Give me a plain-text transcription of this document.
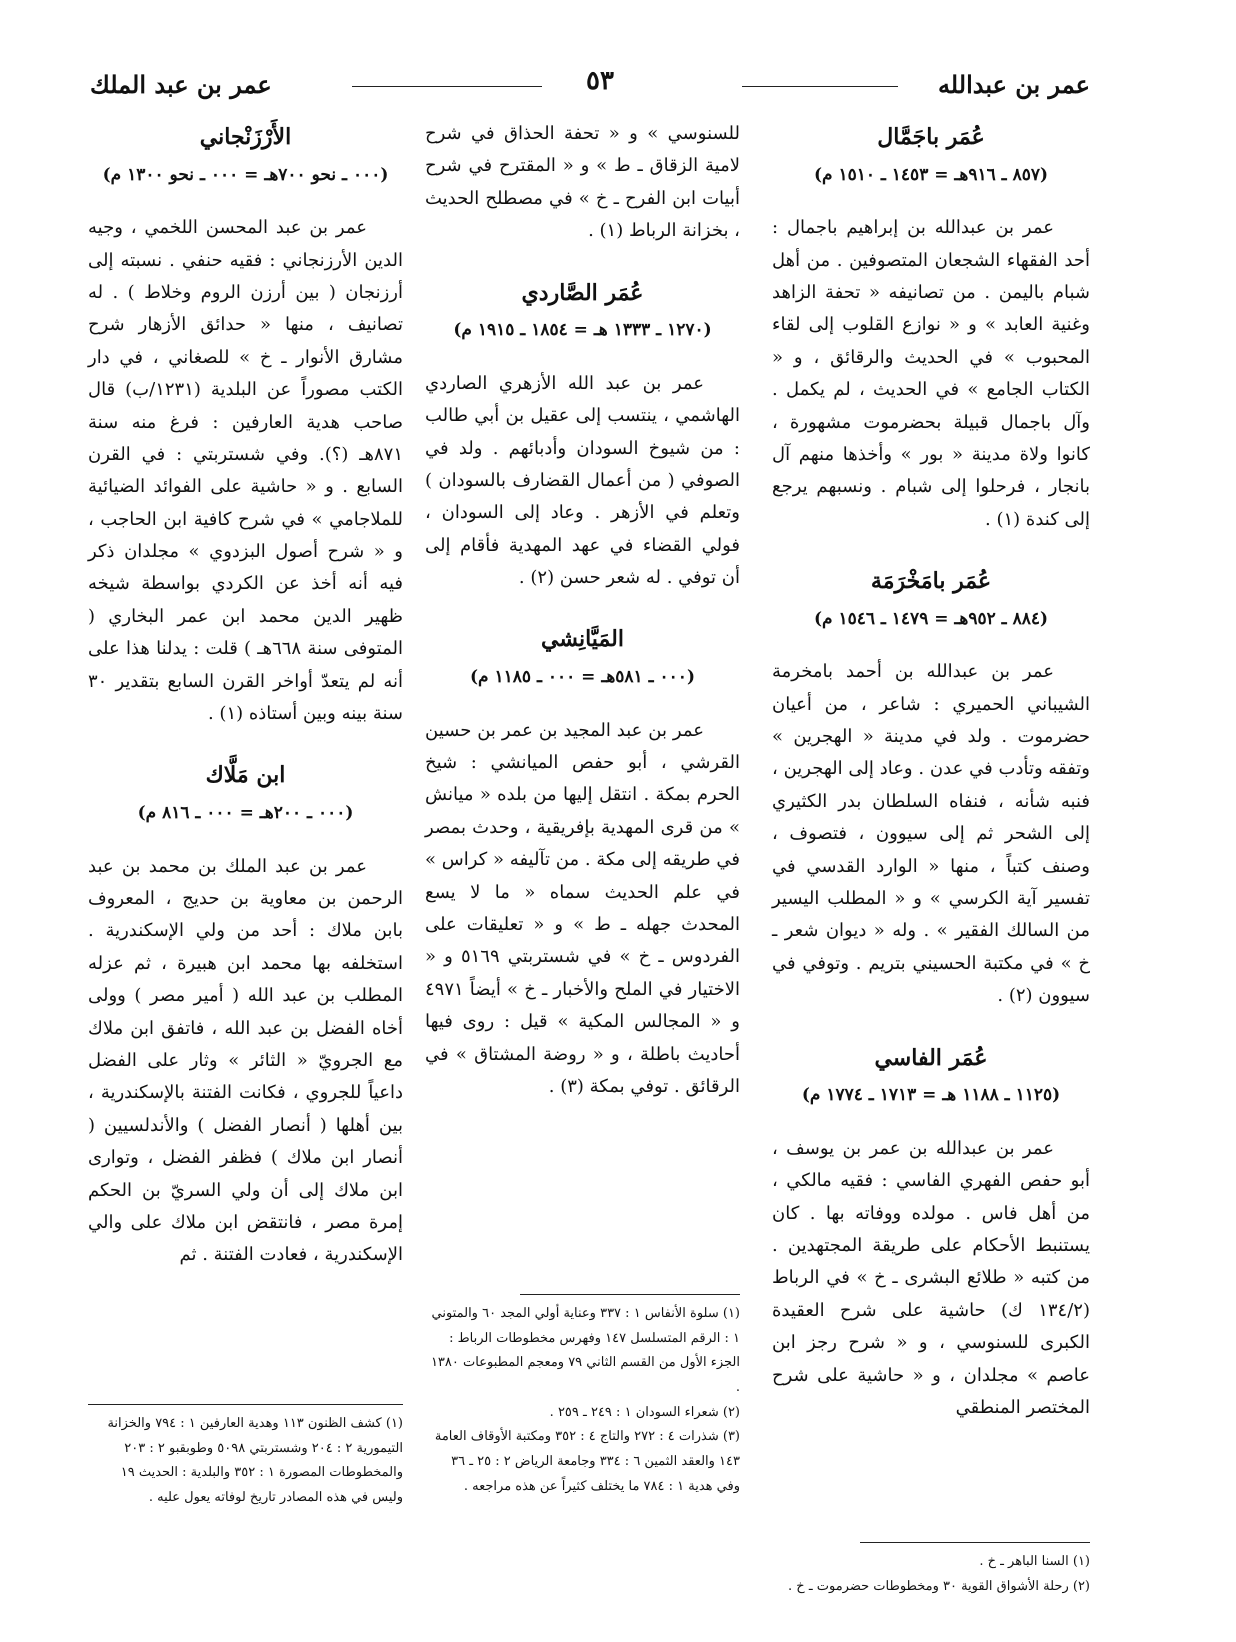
عمر بن عبدالله
٥٣
عمر بن عبد الملك

عُمَر باجَمَّال

(٨٥٧ ـ ٩١٦هـ = ١٤٥٣ ـ ١٥١٠ م)

عمر بن عبدالله بن إبراهيم باجمال : أحد الفقهاء الشجعان المتصوفين . من أهل شبام باليمن . من تصانيفه « تحفة الزاهد وغنية العابد » و « نوازع القلوب إلى لقاء المحبوب » في الحديث والرقائق ، و « الكتاب الجامع » في الحديث ، لم يكمل . وآل باجمال قبيلة بحضرموت مشهورة ، كانوا ولاة مدينة « بور » وأخذها منهم آل بانجار ، فرحلوا إلى شبام . ونسبهم يرجع إلى كندة (١) .

عُمَر بامَخْرَمَة

(٨٨٤ ـ ٩٥٢هـ = ١٤٧٩ ـ ١٥٤٦ م)

عمر بن عبدالله بن أحمد بامخرمة الشيباني الحميري : شاعر ، من أعيان حضرموت . ولد في مدينة « الهجرين » وتفقه وتأدب في عدن . وعاد إلى الهجرين ، فنبه شأنه ، فنفاه السلطان بدر الكثيري إلى الشحر ثم إلى سيوون ، فتصوف ، وصنف كتباً ، منها « الوارد القدسي في تفسير آية الكرسي » و « المطلب اليسير من السالك الفقير » . وله « ديوان شعر ـ خ » في مكتبة الحسيني بتريم . وتوفي في سيوون (٢) .

عُمَر الفاسي

(١١٢٥ ـ ١١٨٨ هـ = ١٧١٣ ـ ١٧٧٤ م)

عمر بن عبدالله بن عمر بن يوسف ، أبو حفص الفهري الفاسي : فقيه مالكي ، من أهل فاس . مولده ووفاته بها . كان يستنبط الأحكام على طريقة المجتهدين . من كتبه « طلائع البشرى ـ خ » في الرباط (١٣٤/٢ ك) حاشية على شرح العقيدة الكبرى للسنوسي ، و « شرح رجز ابن عاصم » مجلدان ، و « حاشية على شرح المختصر المنطقي

للسنوسي » و « تحفة الحذاق في شرح لامية الزقاق ـ ط » و « المقترح في شرح أبيات ابن الفرح ـ خ » في مصطلح الحديث ، بخزانة الرباط (١) .

عُمَر الصَّاردي

(١٢٧٠ ـ ١٣٣٣ هـ = ١٨٥٤ ـ ١٩١٥ م)

عمر بن عبد الله الأزهري الصاردي الهاشمي ، ينتسب إلى عقيل بن أبي طالب : من شيوخ السودان وأدبائهم . ولد في الصوفي ( من أعمال القضارف بالسودان ) وتعلم في الأزهر . وعاد إلى السودان ، فولي القضاء في عهد المهدية فأقام إلى أن توفي . له شعر حسن (٢) .

المَيَّانِشي

(٠٠٠ ـ ٥٨١هـ = ٠٠٠ ـ ١١٨٥ م)

عمر بن عبد المجيد بن عمر بن حسين القرشي ، أبو حفص الميانشي : شيخ الحرم بمكة . انتقل إليها من بلده « ميانش » من قرى المهدية بإفريقية ، وحدث بمصر في طريقه إلى مكة . من تآليفه « كراس » في علم الحديث سماه « ما لا يسع المحدث جهله ـ ط » و « تعليقات على الفردوس ـ خ » في شستربتي ٥١٦٩ و « الاختيار في الملح والأخبار ـ خ » أيضاً ٤٩٧١ و « المجالس المكية » قيل : روى فيها أحاديث باطلة ، و « روضة المشتاق » في الرقائق . توفي بمكة (٣) .

الأَرْزَنْجاني

(٠٠٠ ـ نحو ٧٠٠هـ = ٠٠٠ ـ نحو ١٣٠٠ م)

عمر بن عبد المحسن اللخمي ، وجيه الدين الأرزنجاني : فقيه حنفي . نسبته إلى أرزنجان ( بين أرزن الروم وخلاط ) . له تصانيف ، منها « حدائق الأزهار شرح مشارق الأنوار ـ خ » للصغاني ، في دار الكتب مصوراً عن البلدية (١٢٣١/ب) قال صاحب هدية العارفين : فرغ منه سنة ٨٧١هـ (؟). وفي شستربتي : في القرن السابع . و « حاشية على الفوائد الضيائية للملاجامي » في شرح كافية ابن الحاجب ، و « شرح أصول البزدوي » مجلدان ذكر فيه أنه أخذ عن الكردي بواسطة شيخه ظهير الدين محمد ابن عمر البخاري ( المتوفى سنة ٦٦٨هـ ) قلت : يدلنا هذا على أنه لم يتعدّ أواخر القرن السابع بتقدير ٣٠ سنة بينه وبين أستاذه (١) .

ابن مَلَّاك

(٠٠٠ ـ ٢٠٠هـ = ٠٠٠ ـ ٨١٦ م)

عمر بن عبد الملك بن محمد بن عبد الرحمن بن معاوية بن حديج ، المعروف بابن ملاك : أحد من ولي الإسكندرية . استخلفه بها محمد ابن هبيرة ، ثم عزله المطلب بن عبد الله ( أمير مصر ) وولى أخاه الفضل بن عبد الله ، فاتفق ابن ملاك مع الجرويّ « الثائر » وثار على الفضل داعياً للجروي ، فكانت الفتنة بالإسكندرية ، بين أهلها ( أنصار الفضل ) والأندلسيين ( أنصار ابن ملاك ) فظفر الفضل ، وتوارى ابن ملاك إلى أن ولي السريّ بن الحكم إمرة مصر ، فانتقض ابن ملاك على والي الإسكندرية ، فعادت الفتنة . ثم

(١) السنا الباهر ـ خ .

(٢) رحلة الأشواق القوية ٣٠ ومخطوطات حضرموت ـ خ .

(١) سلوة الأنفاس ١ : ٣٣٧ وعناية أولي المجد ٦٠ والمتوني ١ : الرقم المتسلسل ١٤٧ وفهرس مخطوطات الرباط : الجزء الأول من القسم الثاني ٧٩ ومعجم المطبوعات ١٣٨٠ .

(٢) شعراء السودان ١ : ٢٤٩ ـ ٢٥٩ .

(٣) شذرات ٤ : ٢٧٢ والتاج ٤ : ٣٥٢ ومكتبة الأوقاف العامة ١٤٣ والعقد الثمين ٦ : ٣٣٤ وجامعة الرياض ٢ : ٢٥ ـ ٣٦ وفي هدية ١ : ٧٨٤ ما يختلف كثيراً عن هذه مراجعه .

(١) كشف الظنون ١١٣ وهدية العارفين ١ : ٧٩٤ والخزانة التيمورية ٢ : ٢٠٤ وشستربتي ٥٠٩٨ وطوبقبو ٢ : ٢٠٣ والمخطوطات المصورة ١ : ٣٥٢ والبلدية : الحديث ١٩ وليس في هذه المصادر تاريخ لوفاته يعول عليه .
